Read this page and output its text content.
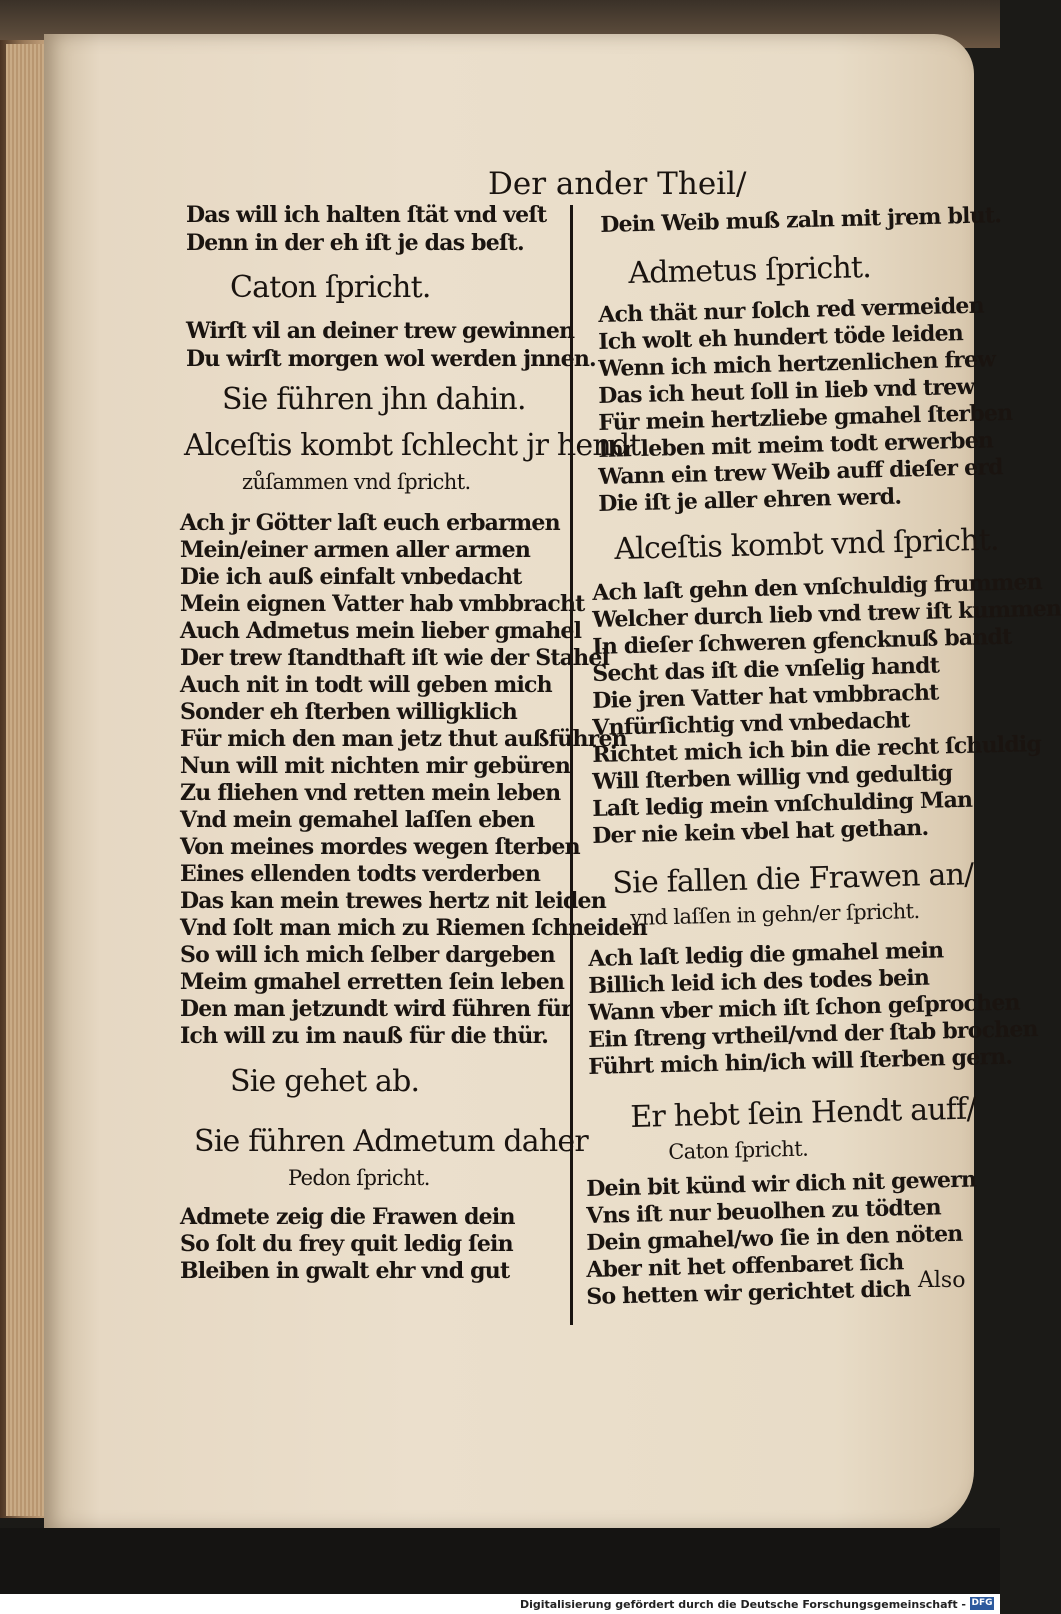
Der ander Theil/
Das will ich halten ſtät vnd veſt
Denn in der eh iſt je das beſt.
Caton ſpricht.
Wirſt vil an deiner trew gewinnen
Du wirſt morgen wol werden jnnen.
Sie führen jhn dahin.
Alceſtis kombt ſchlecht jr hendt
zůſammen vnd ſpricht.
Ach jr Götter laſt euch erbarmen
Mein/einer armen aller armen
Die ich auß einfalt vnbedacht
Mein eignen Vatter hab vmbbracht
Auch Admetus mein lieber gmahel
Der trew ſtandthaft iſt wie der Stahel
Auch nit in todt will geben mich
Sonder eh ſterben willigklich
Für mich den man jetz thut außführen
Nun will mit nichten mir gebüren
Zu fliehen vnd retten mein leben
Vnd mein gemahel laſſen eben
Von meines mordes wegen ſterben
Eines ellenden todts verderben
Das kan mein trewes hertz nit leiden
Vnd ſolt man mich zu Riemen ſchneiden
So will ich mich ſelber dargeben
Meim gmahel erretten ſein leben
Den man jetzundt wird führen für
Ich will zu im nauß für die thür.
Sie gehet ab.
Sie führen Admetum daher
Pedon ſpricht.
Admete zeig die Frawen dein
So ſolt du frey quit ledig ſein
Bleiben in gwalt ehr vnd gut
Dein Weib muß zaln mit jrem blut.
Admetus ſpricht.
Ach thät nur ſolch red vermeiden
Ich wolt eh hundert töde leiden
Wenn ich mich hertzenlichen frew
Das ich heut ſoll in lieb vnd trew
Für mein hertzliebe gmahel ſterben
Ihr leben mit meim todt erwerben
Wann ein trew Weib auff dieſer erd
Die iſt je aller ehren werd.
Alceſtis kombt vnd ſpricht.
Ach laſt gehn den vnſchuldig frummen
Welcher durch lieb vnd trew iſt kummen
In dieſer ſchweren gfencknuß bandt
Secht das iſt die vnſelig handt
Die jren Vatter hat vmbbracht
Vnfürſichtig vnd vnbedacht
Richtet mich ich bin die recht ſchuldig
Will ſterben willig vnd gedultig
Laſt ledig mein vnſchulding Man
Der nie kein vbel hat gethan.
Sie fallen die Frawen an/
vnd laſſen in gehn/er ſpricht.
Ach laſt ledig die gmahel mein
Billich leid ich des todes bein
Wann vber mich iſt ſchon geſprochen
Ein ſtreng vrtheil/vnd der ſtab brochen
Führt mich hin/ich will ſterben gern.
Er hebt ſein Hendt auff/
Caton ſpricht.
Dein bit künd wir dich nit gewern
Vns iſt nur beuolhen zu tödten
Dein gmahel/wo ſie in den nöten
Aber nit het offenbaret ſich
So hetten wir gerichtet dich Also
Digitalisierung gefördert durch die Deutsche Forschungsgemeinschaft - DFG
